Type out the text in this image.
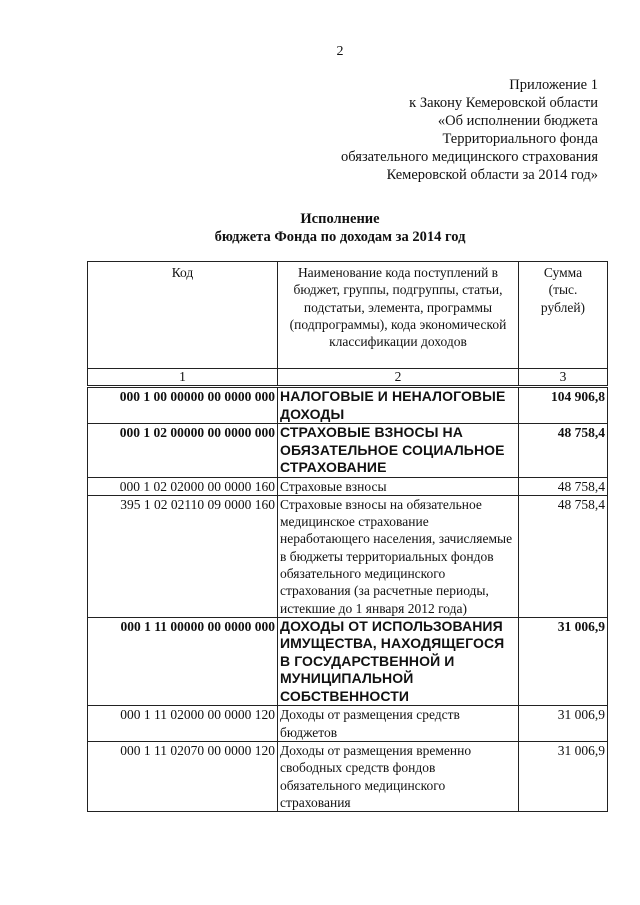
2
Приложение 1
к Закону Кемеровской области
«Об исполнении бюджета
Территориального фонда
обязательного медицинского страхования
Кемеровской области за 2014 год»
Исполнение
бюджета Фонда по доходам за 2014 год
Код	Наименование кода поступлений в бюджет, группы, подгруппы, статьи, подстатьи, элемента, программы (подпрограммы), кода экономической классификации доходов	Сумма (тыс. рублей)
1	2	3
000 1 00 00000 00 0000 000	НАЛОГОВЫЕ И НЕНАЛОГОВЫЕ ДОХОДЫ	104 906,8
000 1 02 00000 00 0000 000	СТРАХОВЫЕ ВЗНОСЫ НА ОБЯЗАТЕЛЬНОЕ СОЦИАЛЬНОЕ СТРАХОВАНИЕ	48 758,4
000 1 02 02000 00 0000 160	Страховые взносы	48 758,4
395 1 02 02110 09 0000 160	Страховые взносы на обязательное медицинское страхование неработающего населения, зачисляемые в бюджеты территориальных фондов обязательного медицинского страхования (за расчетные периоды, истекшие до 1 января 2012 года)	48 758,4
000 1 11 00000 00 0000 000	ДОХОДЫ ОТ ИСПОЛЬЗОВАНИЯ ИМУЩЕСТВА, НАХОДЯЩЕГОСЯ В ГОСУДАРСТВЕННОЙ И МУНИЦИПАЛЬНОЙ СОБСТВЕННОСТИ	31 006,9
000 1 11 02000 00 0000 120	Доходы от размещения средств бюджетов	31 006,9
000 1 11 02070 00 0000 120	Доходы от размещения временно свободных средств фондов обязательного медицинского страхования	31 006,9
